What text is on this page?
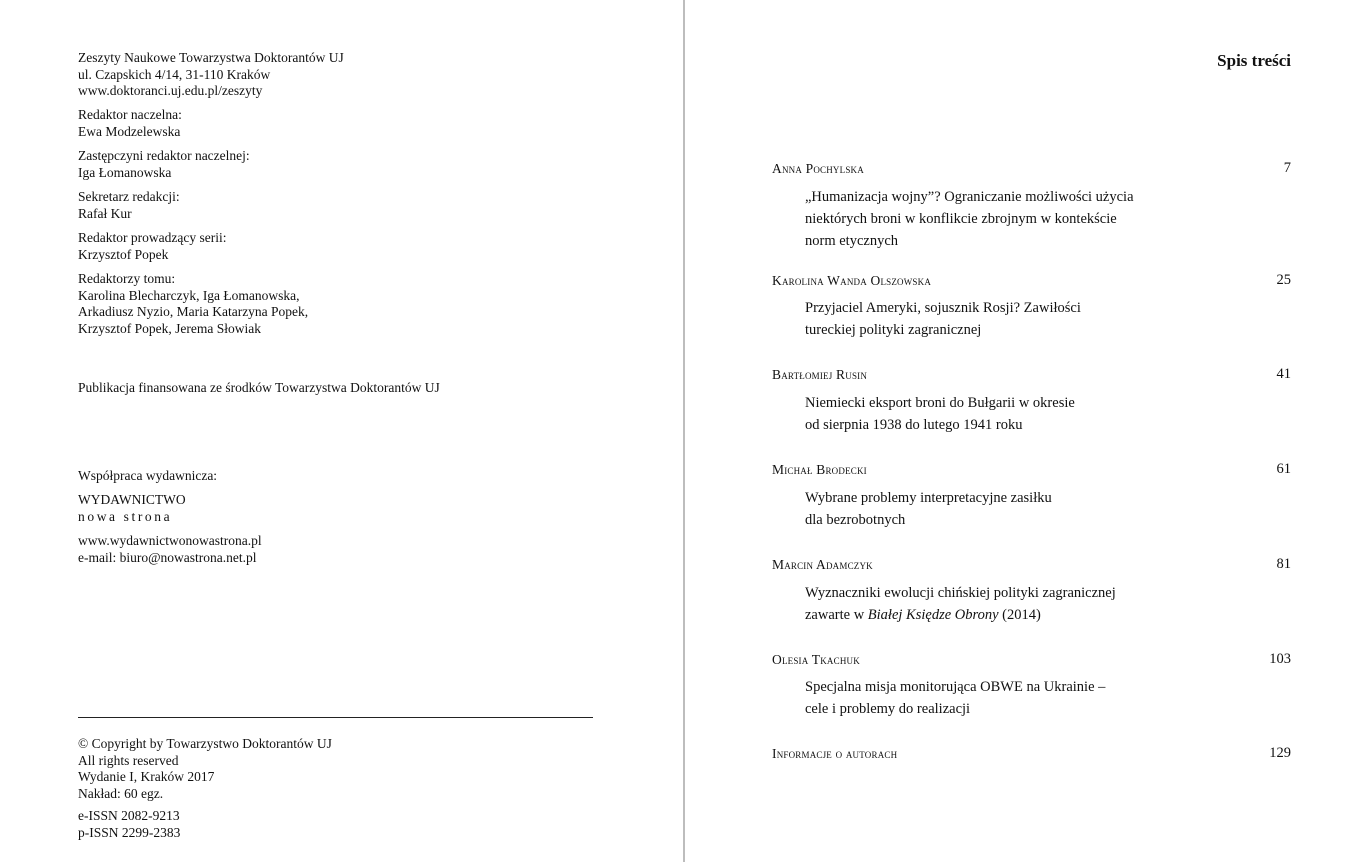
Zeszyty Naukowe Towarzystwa Doktorantów UJ
ul. Czapskich 4/14, 31-110 Kraków
www.doktoranci.uj.edu.pl/zeszyty
Redaktor naczelna:
Ewa Modzelewska
Zastępczyni redaktor naczelnej:
Iga Łomanowska
Sekretarz redakcji:
Rafał Kur
Redaktor prowadzący serii:
Krzysztof Popek
Redaktorzy tomu:
Karolina Blecharczyk, Iga Łomanowska,
Arkadiusz Nyzio, Maria Katarzyna Popek,
Krzysztof Popek, Jerema Słowiak
Publikacja finansowana ze środków Towarzystwa Doktorantów UJ
Współpraca wydawnicza:
WYDAWNICTWO
nowa strona
www.wydawnictwonowastrona.pl
e-mail: biuro@nowastrona.net.pl
© Copyright by Towarzystwo Doktorantów UJ
All rights reserved
Wydanie I, Kraków 2017
Nakład: 60 egz.
e-ISSN 2082-9213
p-ISSN 2299-2383
Spis treści
Anna Pochylska	7
„Humanizacja wojny”? Ograniczanie możliwości użycia
niektórych broni w konflikcie zbrojnym w kontekście
norm etycznych
Karolina Wanda Olszowska	25
Przyjaciel Ameryki, sojusznik Rosji? Zawiłości
tureckiej polityki zagranicznej
Bartłomiej Rusin	41
Niemiecki eksport broni do Bułgarii w okresie
od sierpnia 1938 do lutego 1941 roku
Michał Brodecki	61
Wybrane problemy interpretacyjne zasiłku
dla bezrobotnych
Marcin Adamczyk	81
Wyznaczniki ewolucji chińskiej polityki zagranicznej
zawarte w Białej Księdze Obrony (2014)
Olesia Tkachuk	103
Specjalna misja monitorująca OBWE na Ukrainie –
cele i problemy do realizacji
Informacje o autorach	129
